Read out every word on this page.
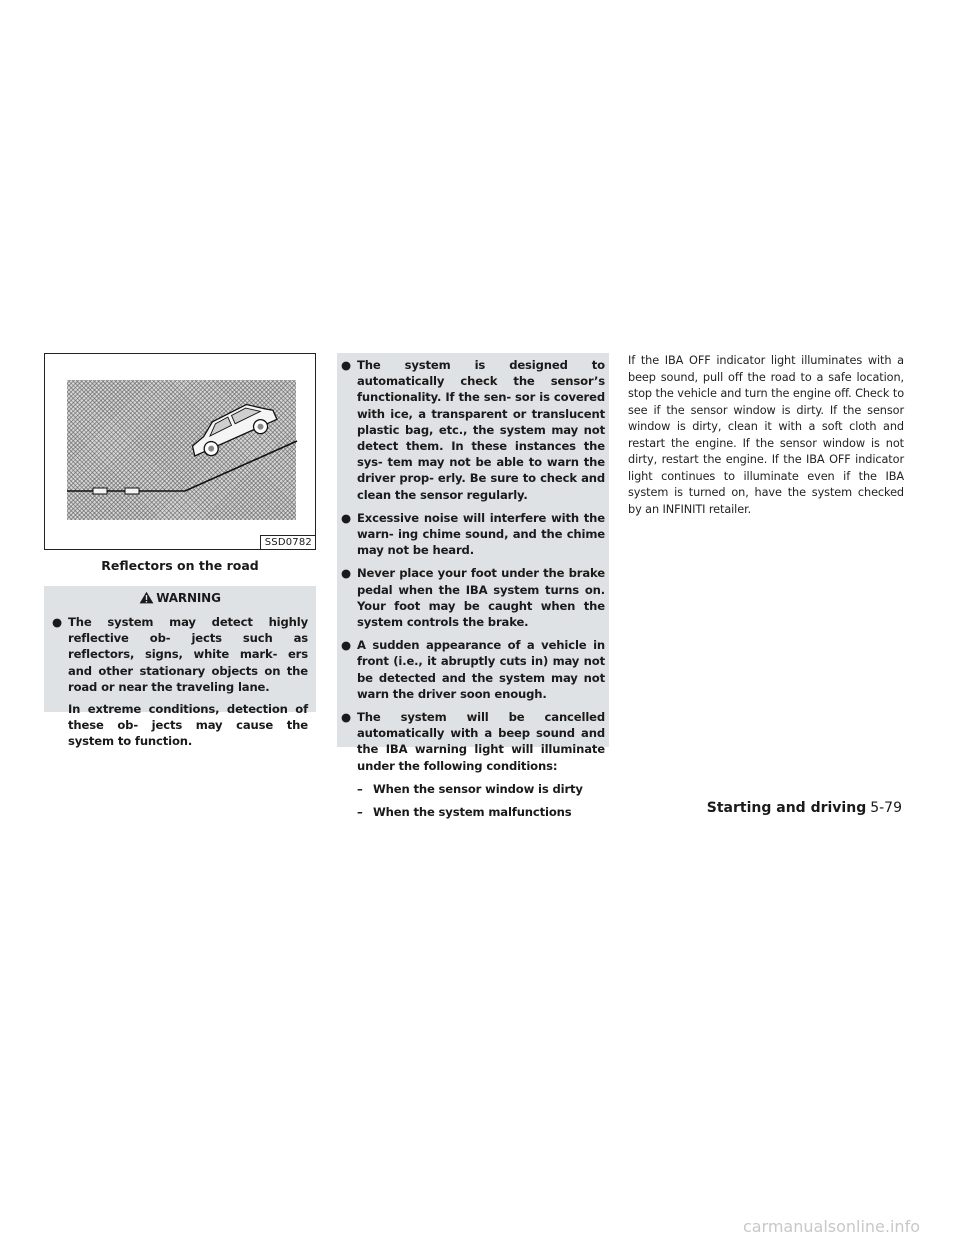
SSD0782
Reflectors on the road
WARNING
● The system may detect highly reflective ob- jects such as reflectors, signs, white mark- ers and other stationary objects on the road or near the traveling lane.

In extreme conditions, detection of these ob- jects may cause the system to function.

● The system is designed to automatically check the sensor’s functionality. If the sen- sor is covered with ice, a transparent or translucent plastic bag, etc., the system may not detect them. In these instances the sys- tem may not be able to warn the driver prop- erly. Be sure to check and clean the sensor regularly.

● Excessive noise will interfere with the warn- ing chime sound, and the chime may not be heard.

● Never place your foot under the brake pedal when the IBA system turns on. Your foot may be caught when the system controls the brake.

● A sudden appearance of a vehicle in front (i.e., it abruptly cuts in) may not be detected and the system may not warn the driver soon enough.

● The system will be cancelled automatically with a beep sound and the IBA warning light will illuminate under the following conditions:

– When the sensor window is dirty
– When the system malfunctions

If the IBA OFF indicator light illuminates with a beep sound, pull off the road to a safe location, stop the vehicle and turn the engine off. Check to see if the sensor window is dirty. If the sensor window is dirty, clean it with a soft cloth and restart the engine. If the sensor window is not dirty, restart the engine. If the IBA OFF indicator light continues to illuminate even if the IBA system is turned on, have the system checked by an INFINITI retailer.

Starting and driving 5-79
carmanualsonline.info
